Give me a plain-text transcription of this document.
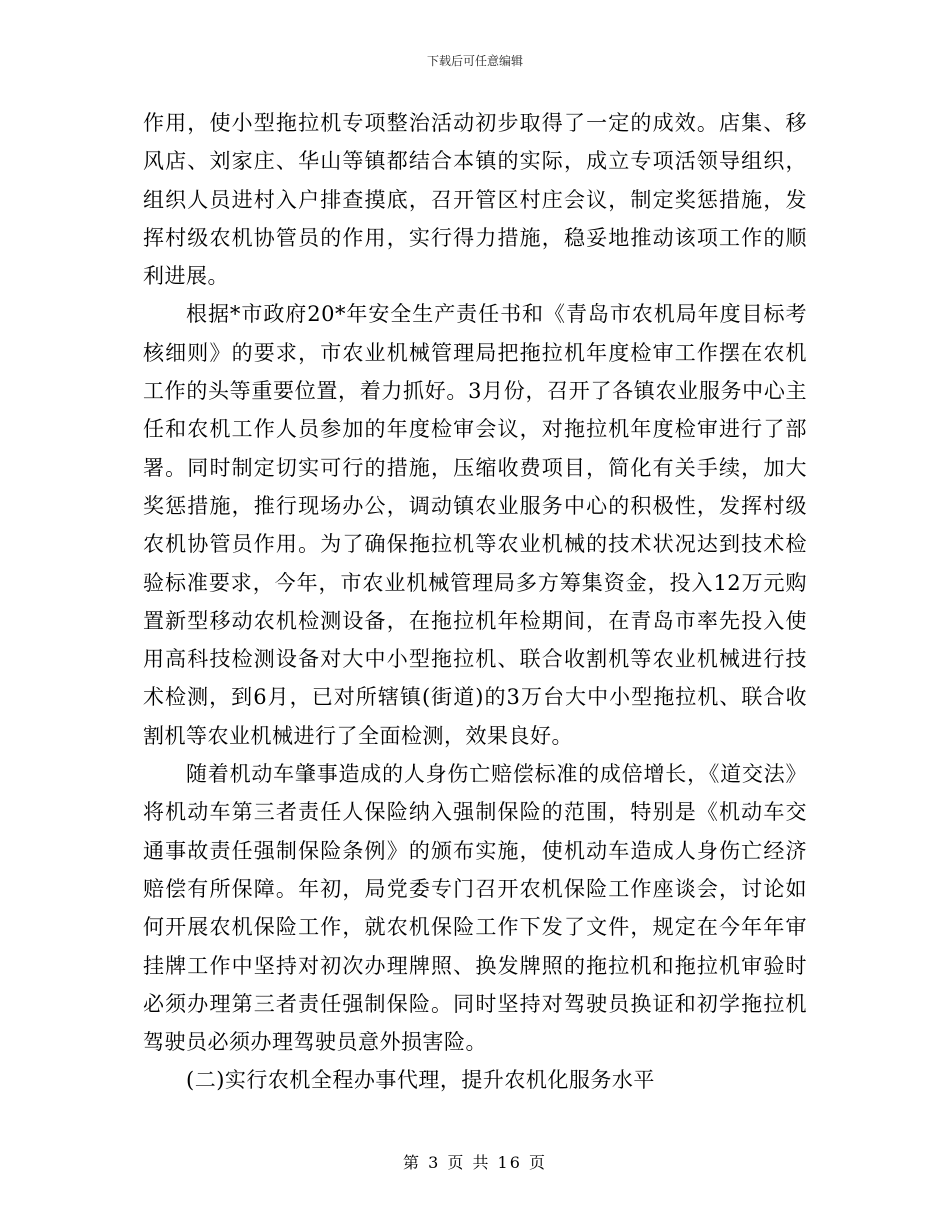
下载后可任意编辑

作用，使小型拖拉机专项整治活动初步取得了一定的成效。店集、移风店、刘家庄、华山等镇都结合本镇的实际，成立专项活领导组织，组织人员进村入户排查摸底，召开管区村庄会议，制定奖惩措施，发挥村级农机协管员的作用，实行得力措施，稳妥地推动该项工作的顺利进展。

根据*市政府20*年安全生产责任书和《青岛市农机局年度目标考核细则》的要求，市农业机械管理局把拖拉机年度检审工作摆在农机工作的头等重要位置，着力抓好。3月份，召开了各镇农业服务中心主任和农机工作人员参加的年度检审会议，对拖拉机年度检审进行了部署。同时制定切实可行的措施，压缩收费项目，简化有关手续，加大奖惩措施，推行现场办公，调动镇农业服务中心的积极性，发挥村级农机协管员作用。为了确保拖拉机等农业机械的技术状况达到技术检验标准要求，今年，市农业机械管理局多方筹集资金，投入12万元购置新型移动农机检测设备，在拖拉机年检期间，在青岛市率先投入使用高科技检测设备对大中小型拖拉机、联合收割机等农业机械进行技术检测，到6月，已对所辖镇(街道)的3万台大中小型拖拉机、联合收割机等农业机械进行了全面检测，效果良好。

随着机动车肇事造成的人身伤亡赔偿标准的成倍增长，《道交法》将机动车第三者责任人保险纳入强制保险的范围，特别是《机动车交通事故责任强制保险条例》的颁布实施，使机动车造成人身伤亡经济赔偿有所保障。年初，局党委专门召开农机保险工作座谈会，讨论如何开展农机保险工作，就农机保险工作下发了文件，规定在今年年审挂牌工作中坚持对初次办理牌照、换发牌照的拖拉机和拖拉机审验时必须办理第三者责任强制保险。同时坚持对驾驶员换证和初学拖拉机驾驶员必须办理驾驶员意外损害险。

(二)实行农机全程办事代理，提升农机化服务水平

第 3 页 共 16 页
